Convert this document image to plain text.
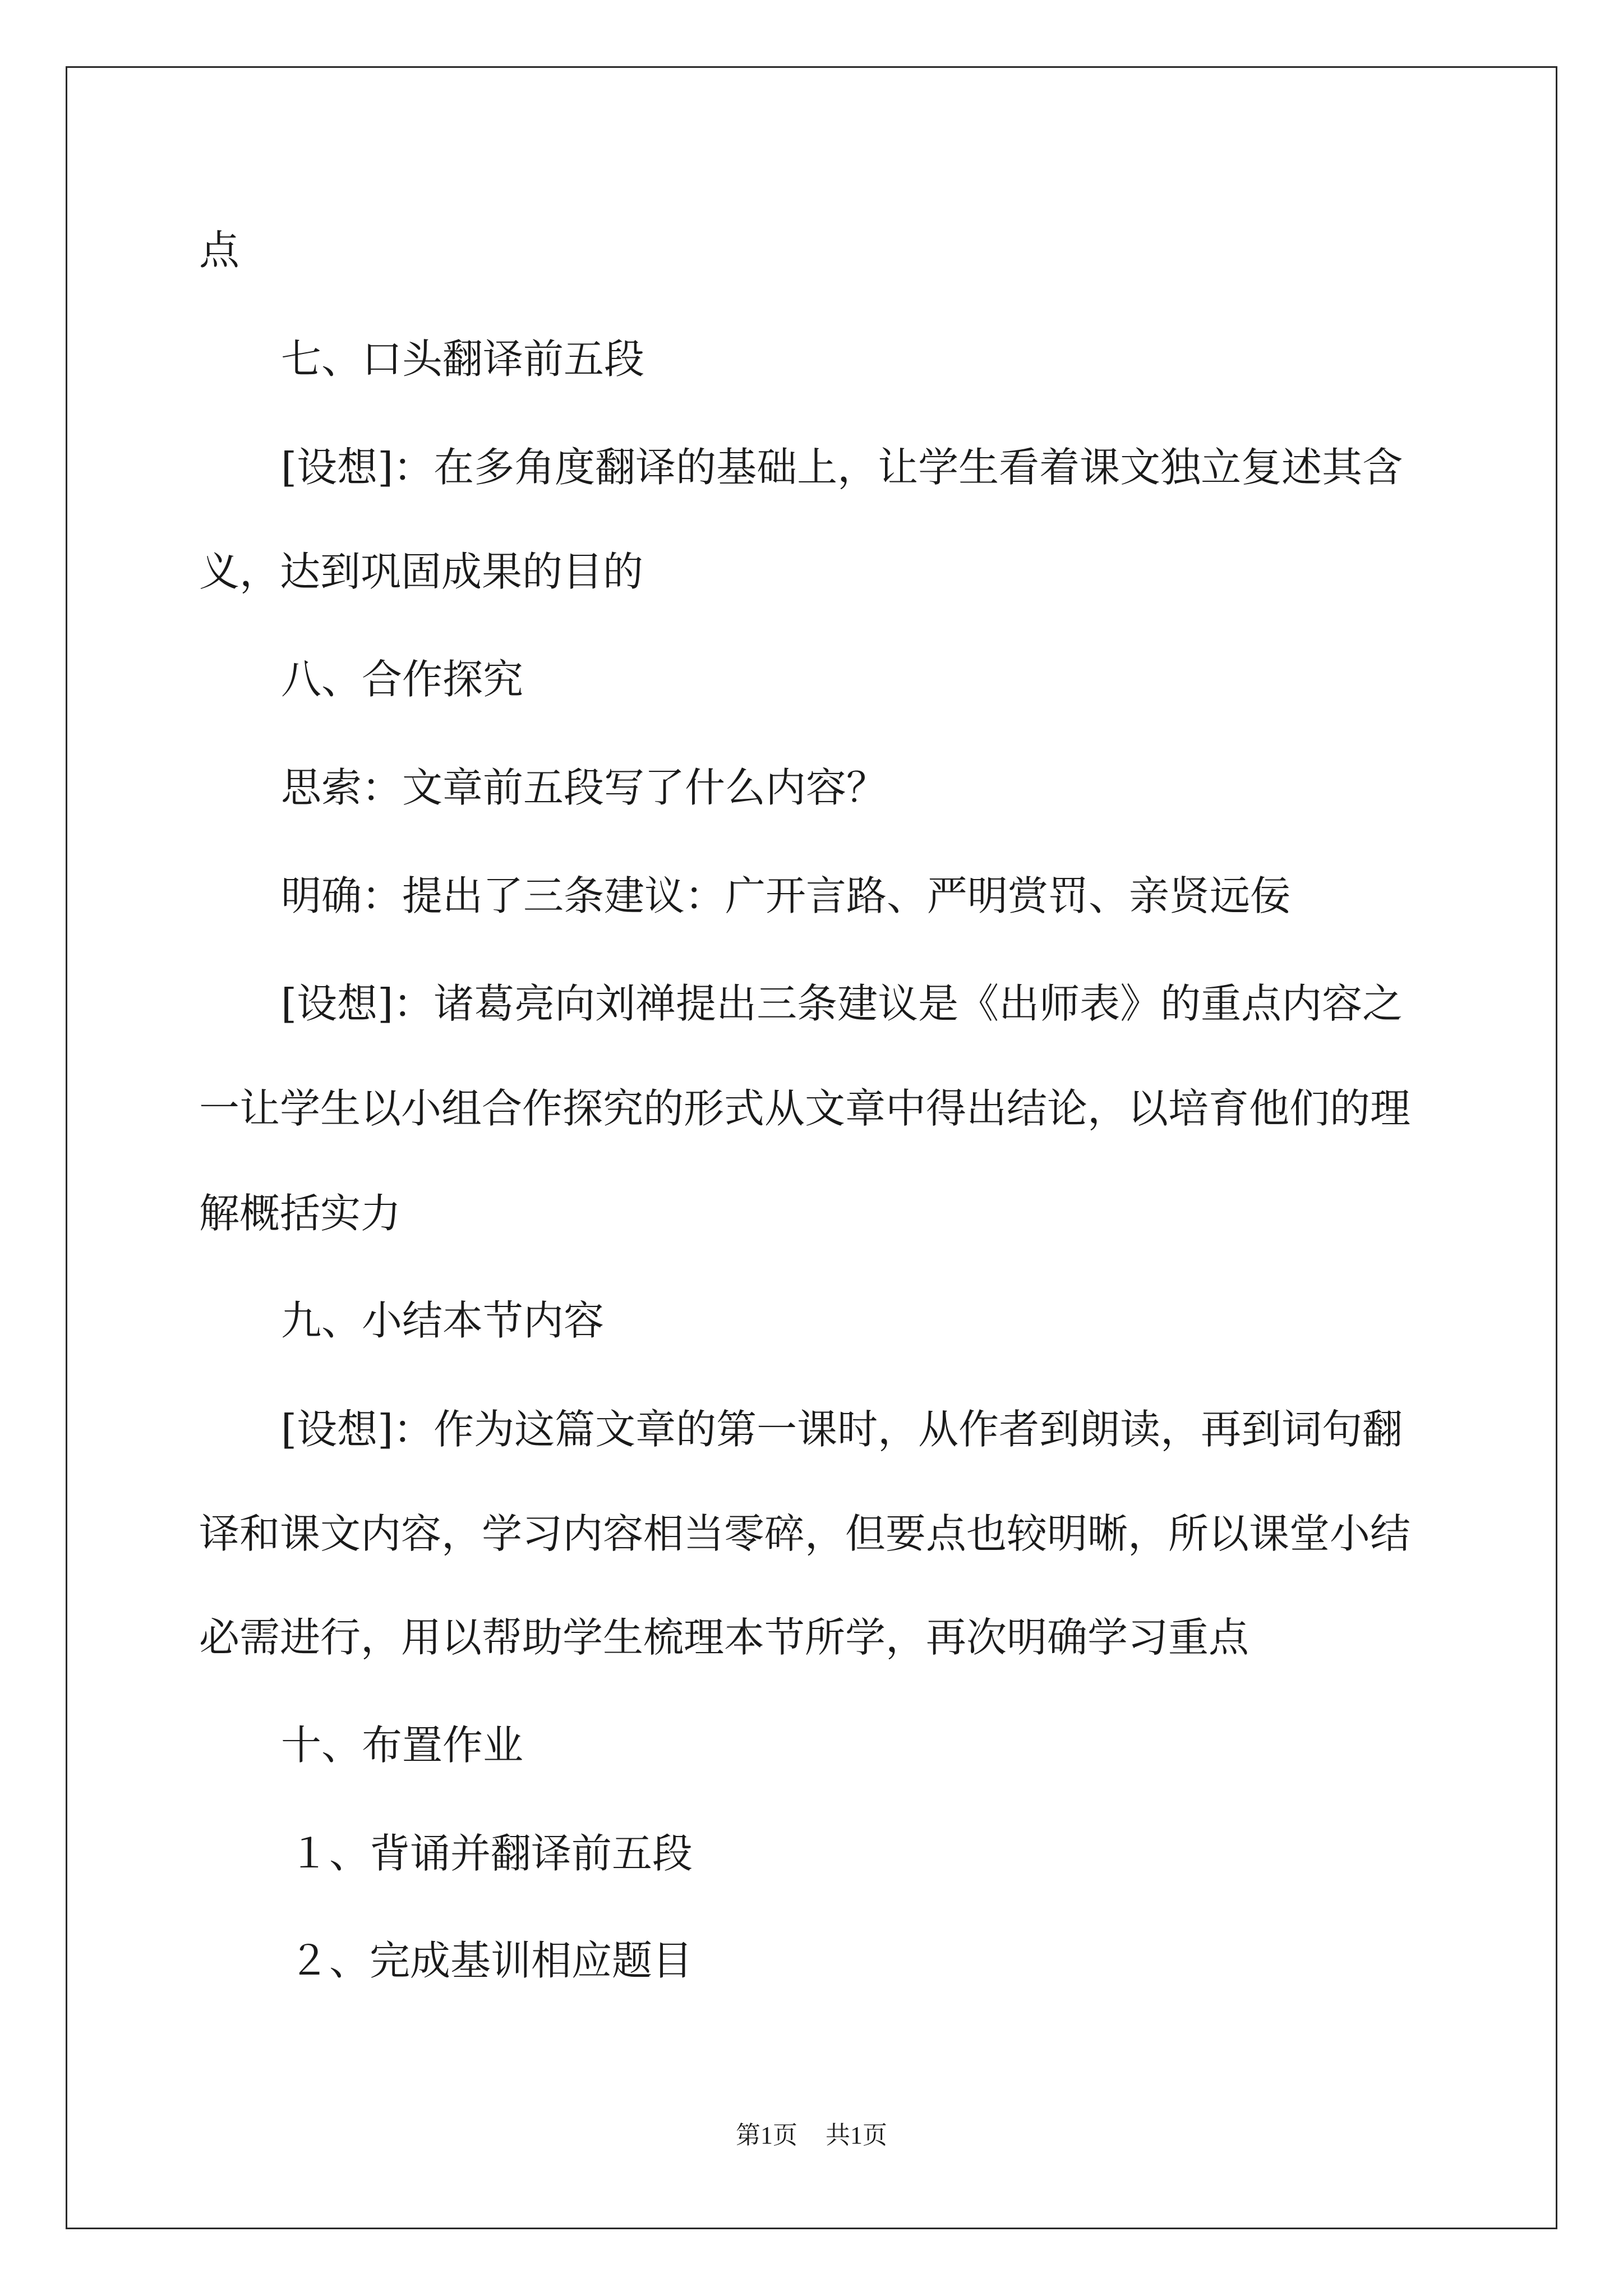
点

七、口头翻译前五段

[设想]：在多角度翻译的基础上，让学生看着课文独立复述其含

义，达到巩固成果的目的

八、合作探究

思索：文章前五段写了什么内容？

明确：提出了三条建议：广开言路、严明赏罚、亲贤远佞

[设想]：诸葛亮向刘禅提出三条建议是《出师表》的重点内容之

一让学生以小组合作探究的形式从文章中得出结论，以培育他们的理

解概括实力

九、小结本节内容

[设想]：作为这篇文章的第一课时，从作者到朗读，再到词句翻

译和课文内容，学习内容相当零碎，但要点也较明晰，所以课堂小结

必需进行，用以帮助学生梳理本节所学，再次明确学习重点

十、布置作业

１、背诵并翻译前五段

２、完成基训相应题目

第1页 共1页
